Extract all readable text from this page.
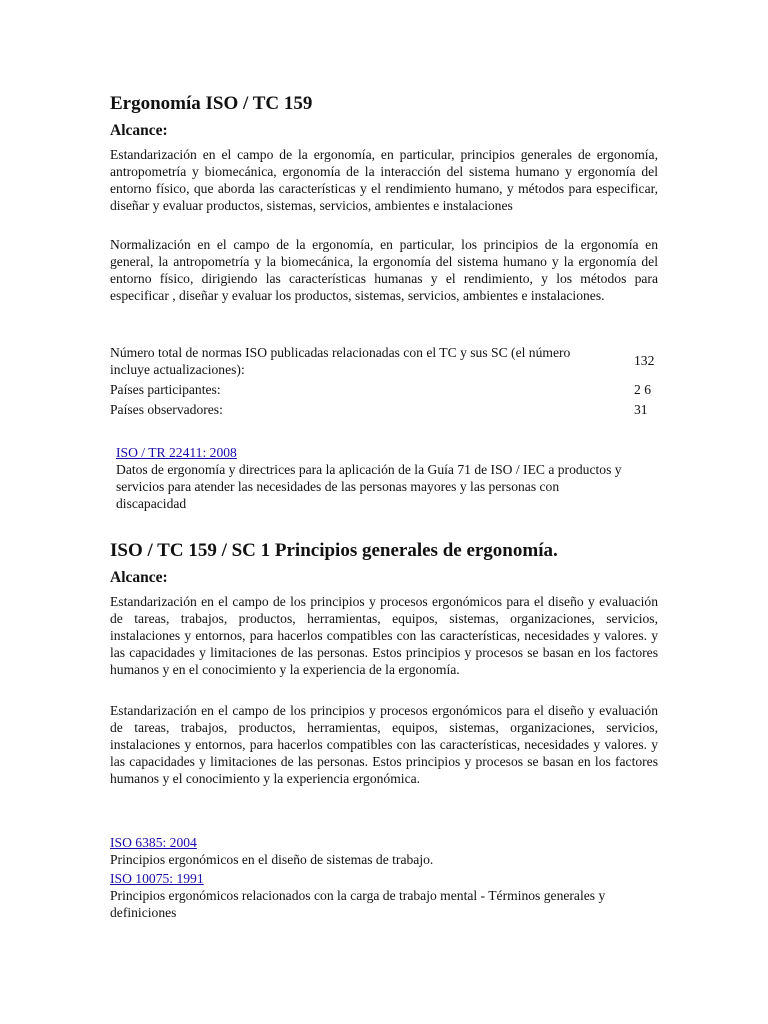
Ergonomía ISO / TC 159
Alcance:

Estandarización en el campo de la ergonomía, en particular, principios generales de ergonomía, antropometría y biomecánica, ergonomía de la interacción del sistema humano y ergonomía del entorno físico, que aborda las características y el rendimiento humano, y métodos para especificar, diseñar y evaluar productos, sistemas, servicios, ambientes e instalaciones

Normalización en el campo de la ergonomía, en particular, los principios de la ergonomía en general, la antropometría y la biomecánica, la ergonomía del sistema humano y la ergonomía del entorno físico, dirigiendo las características humanas y el rendimiento, y los métodos para especificar , diseñar y evaluar los productos, sistemas, servicios, ambientes e instalaciones.

Número total de normas ISO publicadas relacionadas con el TC y sus SC (el número incluye actualizaciones):
132
Países participantes:	2 6
Países observadores:	31
ISO / TR 22411: 2008
Datos de ergonomía y directrices para la aplicación de la Guía 71 de ISO / IEC a productos y servicios para atender las necesidades de las personas mayores y las personas con discapacidad
ISO / TC 159 / SC 1 Principios generales de ergonomía.
Alcance:

Estandarización en el campo de los principios y procesos ergonómicos para el diseño y evaluación de tareas, trabajos, productos, herramientas, equipos, sistemas, organizaciones, servicios, instalaciones y entornos, para hacerlos compatibles con las características, necesidades y valores. y las capacidades y limitaciones de las personas. Estos principios y procesos se basan en los factores humanos y en el conocimiento y la experiencia de la ergonomía.

Estandarización en el campo de los principios y procesos ergonómicos para el diseño y evaluación de tareas, trabajos, productos, herramientas, equipos, sistemas, organizaciones, servicios, instalaciones y entornos, para hacerlos compatibles con las características, necesidades y valores. y las capacidades y limitaciones de las personas. Estos principios y procesos se basan en los factores humanos y el conocimiento y la experiencia ergonómica.

ISO 6385: 2004
Principios ergonómicos en el diseño de sistemas de trabajo.
ISO 10075: 1991
Principios ergonómicos relacionados con la carga de trabajo mental - Términos generales y definiciones
